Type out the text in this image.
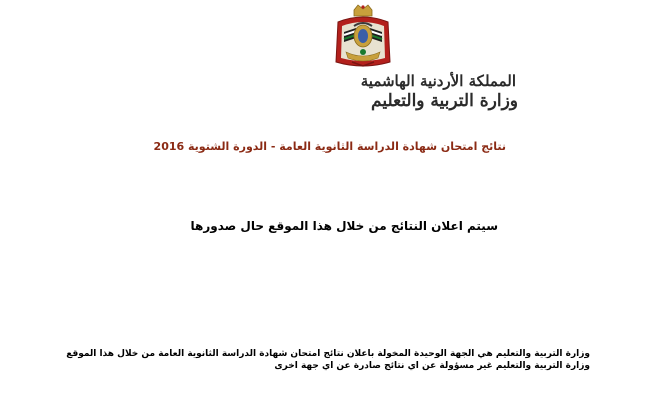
المملكة الأردنية الهاشمية
وزارة التربية والتعليم
نتائج امتحان شهادة الدراسة الثانوية العامة - الدورة الشتوية 2016
سيتم اعلان النتائج من خلال هذا الموقع حال صدورها
وزارة التربية والتعليم هي الجهة الوحيدة المخولة باعلان نتائج امتحان شهادة الدراسة الثانوية العامة من خلال هذا الموقع
وزارة التربية والتعليم غير مسؤولة عن اي نتائج صادرة عن اي جهة اخرى
